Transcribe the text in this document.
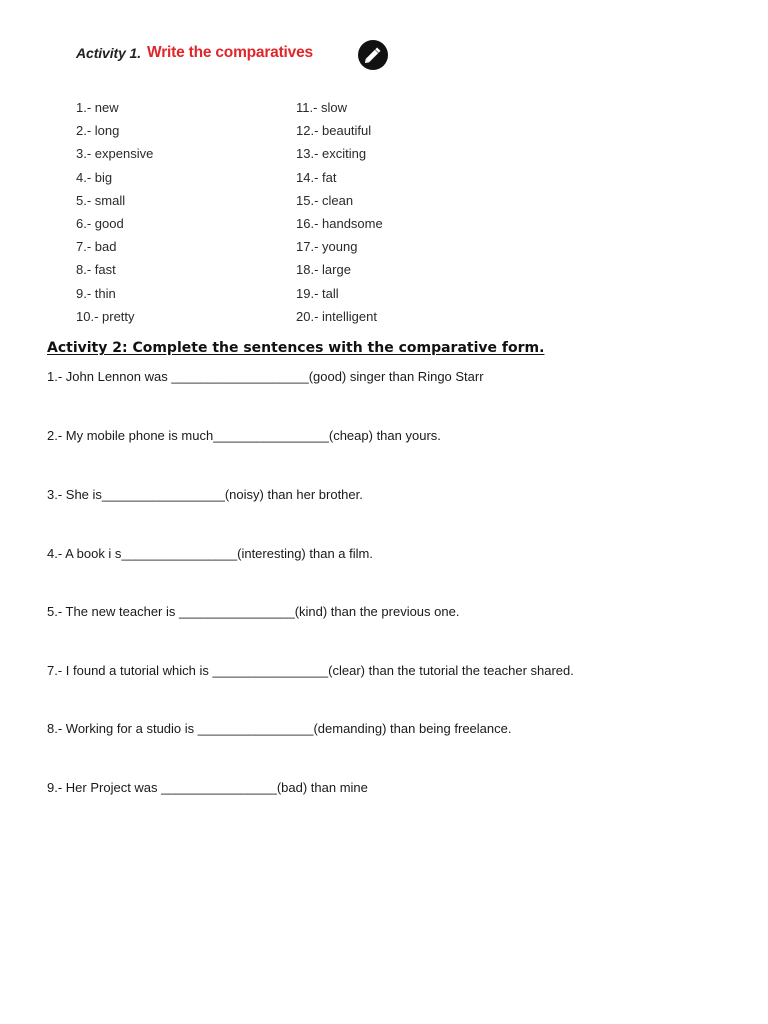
Activity 1. Write the comparatives
1.- new
2.- long
3.- expensive
4.- big
5.- small
6.- good
7.- bad
8.- fast
9.- thin
10.- pretty
11.- slow
12.- beautiful
13.- exciting
14.- fat
15.- clean
16.- handsome
17.- young
18.- large
19.- tall
20.- intelligent
Activity 2: Complete the sentences with the comparative form.

1.- John Lennon was ___________________(good) singer than Ringo Starr

2.- My mobile phone is much________________(cheap) than yours.

3.- She is_________________(noisy) than her brother.

4.- A book i s________________(interesting) than a film.

5.- The new teacher is ________________(kind) than the previous one.

7.- I found a tutorial which is ________________(clear) than the tutorial the teacher shared.

8.- Working for a studio is ________________(demanding) than being freelance.

9.- Her Project was ________________(bad) than mine
